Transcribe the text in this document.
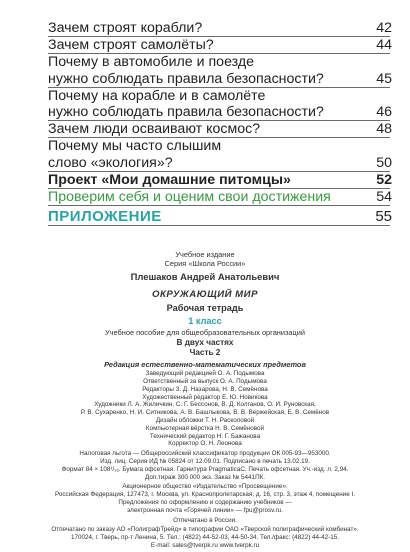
Зачем строят корабли?	42
Зачем строят самолёты?	44
Почему в автомобиле и поезде
нужно соблюдать правила безопасности?	45
Почему на корабле и в самолёте
нужно соблюдать правила безопасности?	46
Зачем люди осваивают космос?	48
Почему мы часто слышим
слово «экология»?	50
Проект «Мои домашние питомцы»	52
Проверим себя и оценим свои достижения	54
ПРИЛОЖЕНИЕ	55
Учебное издание
Серия «Школа России»
Плешаков Андрей Анатольевич
ОКРУЖАЮЩИЙ МИР
Рабочая тетрадь
1 класс
Учебное пособие для общеобразовательных организаций
В двух частях
Часть 2
Редакция естественно-математических предметов
Заведующий редакцией О. А. Подымова
Ответственный за выпуск О. А. Подымова
Редакторы З. Д. Назарова, Н. В. Семёнова
Художественный редактор Е. Ю. Новикова
Художники Л. А. Жиличкин, С. Г. Бессонов, В. Д. Колганов, О. И. Руновская,
Р. В. Сухаренко, Н. И. Ситникова, А. В. Башлыкова, В. В. Вержейская, Е. В. Семёнов
Дизайн обложки Т. Н. Расколовой
Компьютерная вёрстка Н. В. Семёновой
Технический редактор Н. Г. Бажанова
Корректор О. Н. Леонова
Налоговая льгота — Общероссийский классификатор продукции ОК 005-93—953000.
Изд. лиц. Серия ИД № 05824 от 12.09.01. Подписано в печать 13.02.19.
Формат 84 × 108¹/₁₆. Бумага офсетная. Гарнитура PragmaticaC. Печать офсетная. Уч.-изд. л. 2,94.
Доп.тираж 300 000 экз. Заказ № 5441ПК.
Акционерное общество «Издательство «Просвещение».
Российская Федерация, 127473, г. Москва, ул. Краснопролетарская, д. 16, стр. 3, этаж 4, помещение I.
Предложения по оформлению и содержанию учебников —
электронная почта «Горячей линии» — fpu@prosv.ru.
Отпечатано в России.
Отпечатано по заказу АО «ПолиграфТрейд» в типографии ОАО «Тверской полиграфический комбинат».
170024, г. Тверь, пр-т Ленина, 5. Тел.: (4822) 44-52-03, 44-50-34. Тел./факс: (4822) 44-42-15.
E-mail: sales@tverpk.ru www.tverpk.ru
